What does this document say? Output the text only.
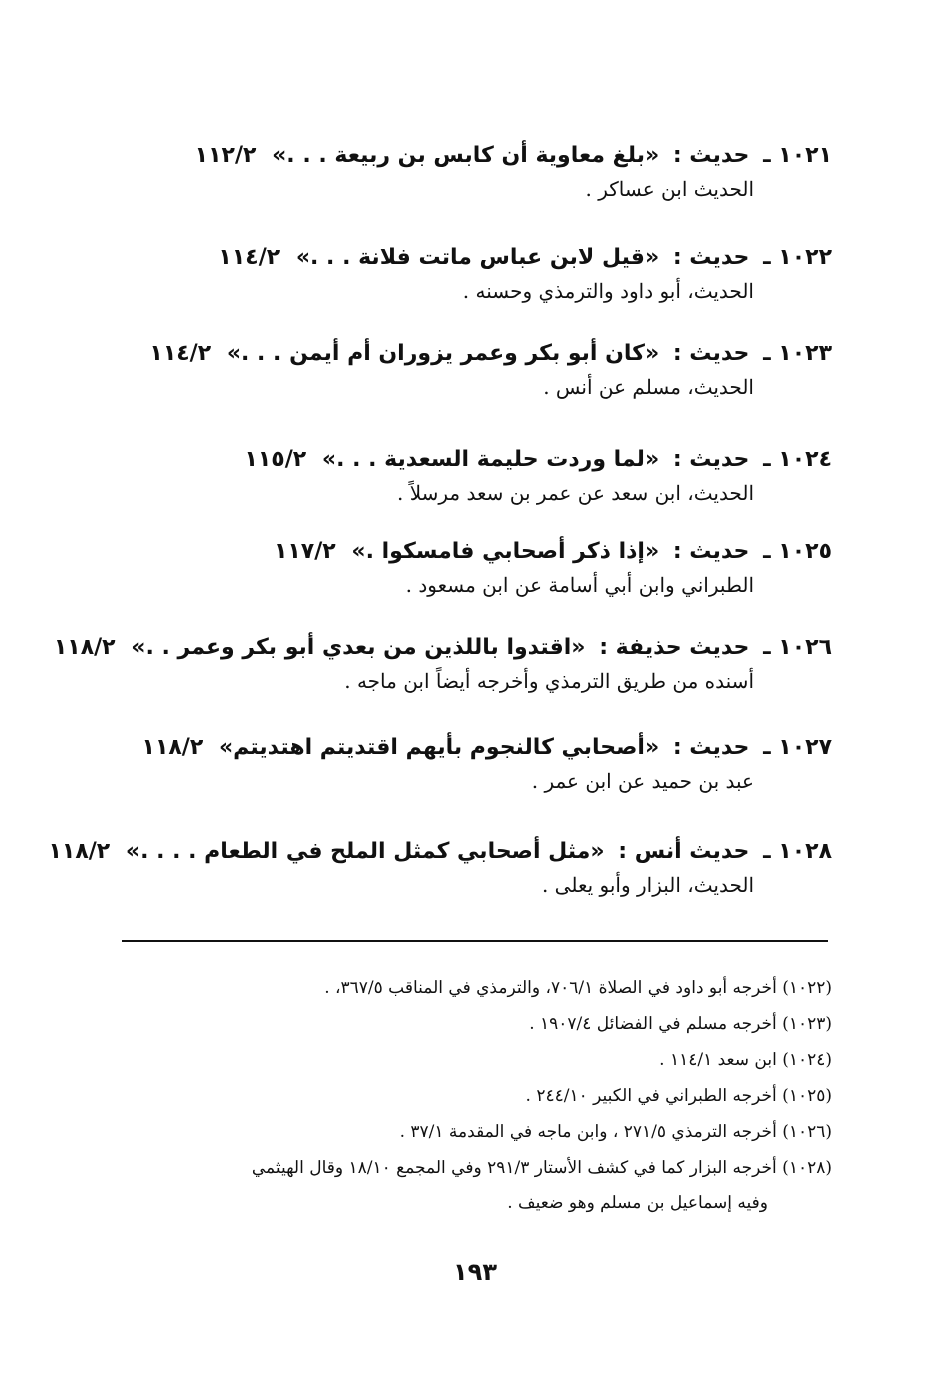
١٠٢١ ـ حديث : «بلغ معاوية أن كابس بن ربيعة . . .» ١١٢/٢
الحديث ابن عساكر .
١٠٢٢ ـ حديث : «قيل لابن عباس ماتت فلانة . . .» ١١٤/٢
الحديث، أبو داود والترمذي وحسنه .
١٠٢٣ ـ حديث : «كان أبو بكر وعمر يزوران أم أيمن . . .» ١١٤/٢
الحديث، مسلم عن أنس .
١٠٢٤ ـ حديث : «لما وردت حليمة السعدية . . .» ١١٥/٢
الحديث، ابن سعد عن عمر بن سعد مرسلاً .
١٠٢٥ ـ حديث : «إذا ذكر أصحابي فامسكوا .» ١١٧/٢
الطبراني وابن أبي أسامة عن ابن مسعود .
١٠٢٦ ـ حديث حذيفة : «اقتدوا باللذين من بعدي أبو بكر وعمر . .» ١١٨/٢
أسنده من طريق الترمذي وأخرجه أيضاً ابن ماجه .
١٠٢٧ ـ حديث : «أصحابي كالنجوم بأيهم اقتديتم اهتديتم» ١١٨/٢
عبد بن حميد عن ابن عمر .
١٠٢٨ ـ حديث أنس : «مثل أصحابي كمثل الملح في الطعام . . . .» ١١٨/٢
الحديث، البزار وأبو يعلى .
(١٠٢٢) أخرجه أبو داود في الصلاة ٧٠٦/١، والترمذي في المناقب ٣٦٧/٥، .
(١٠٢٣) أخرجه مسلم في الفضائل ١٩٠٧/٤ .
(١٠٢٤) ابن سعد ١١٤/١ .
(١٠٢٥) أخرجه الطبراني في الكبير ٢٤٤/١٠ .
(١٠٢٦) أخرجه الترمذي ٢٧١/٥ ، وابن ماجه في المقدمة ٣٧/١ .
(١٠٢٨) أخرجه البزار كما في كشف الأستار ٢٩١/٣ وفي المجمع ١٨/١٠ وقال الهيثمي
وفيه إسماعيل بن مسلم وهو ضعيف .
١٩٣
